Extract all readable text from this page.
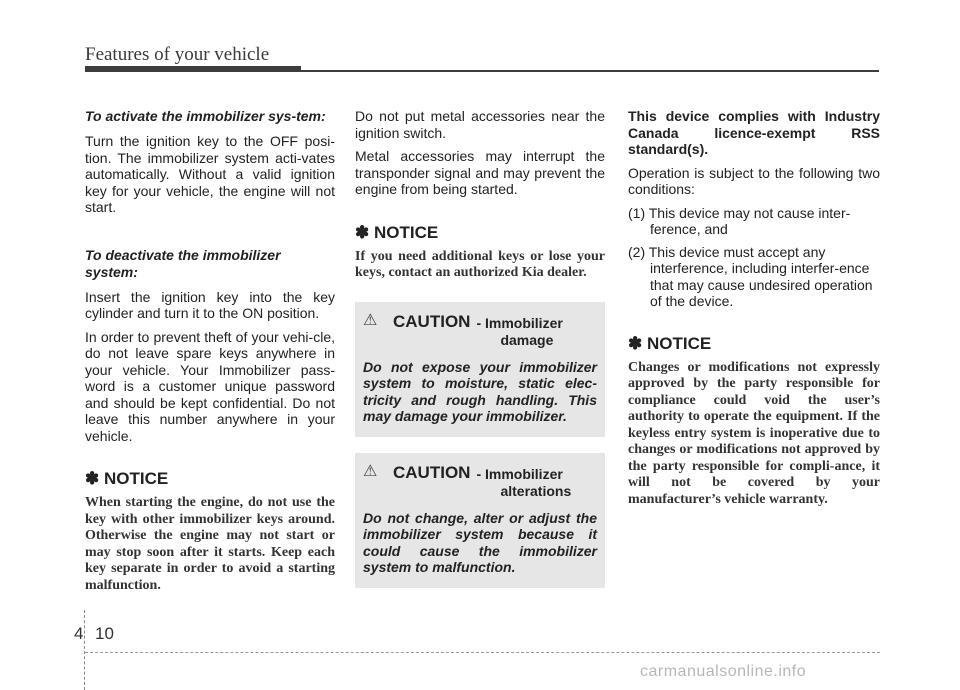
Features of your vehicle

To activate the immobilizer sys-tem:

Turn the ignition key to the OFF posi-tion. The immobilizer system acti-vates automatically. Without a valid ignition key for your vehicle, the engine will not start.

To deactivate the immobilizer system:

Insert the ignition key into the key cylinder and turn it to the ON position.

In order to prevent theft of your vehi-cle, do not leave spare keys anywhere in your vehicle. Your Immobilizer pass-word is a customer unique password and should be kept confidential. Do not leave this number anywhere in your vehicle.

✽ NOTICE

When starting the engine, do not use the key with other immobilizer keys around. Otherwise the engine may not start or may stop soon after it starts. Keep each key separate in order to avoid a starting malfunction.

Do not put metal accessories near the ignition switch.

Metal accessories may interrupt the transponder signal and may prevent the engine from being started.

✽ NOTICE

If you need additional keys or lose your keys, contact an authorized Kia dealer.

⚠ CAUTION - Immobilizer
damage

Do not expose your immobilizer system to moisture, static elec-tricity and rough handling. This may damage your immobilizer.

⚠ CAUTION - Immobilizer
alterations

Do not change, alter or adjust the immobilizer system because it could cause the immobilizer system to malfunction.

This device complies with Industry Canada licence-exempt RSS standard(s).

Operation is subject to the following two conditions:

(1) This device may not cause inter-ference, and

(2) This device must accept any interference, including interfer-ence that may cause undesired operation of the device.

✽ NOTICE

Changes or modifications not expressly approved by the party responsible for compliance could void the user’s authority to operate the equipment. If the keyless entry system is inoperative due to changes or modifications not approved by the party responsible for compli-ance, it will not be covered by your manufacturer’s vehicle warranty.

4 10
carmanualsonline.info
